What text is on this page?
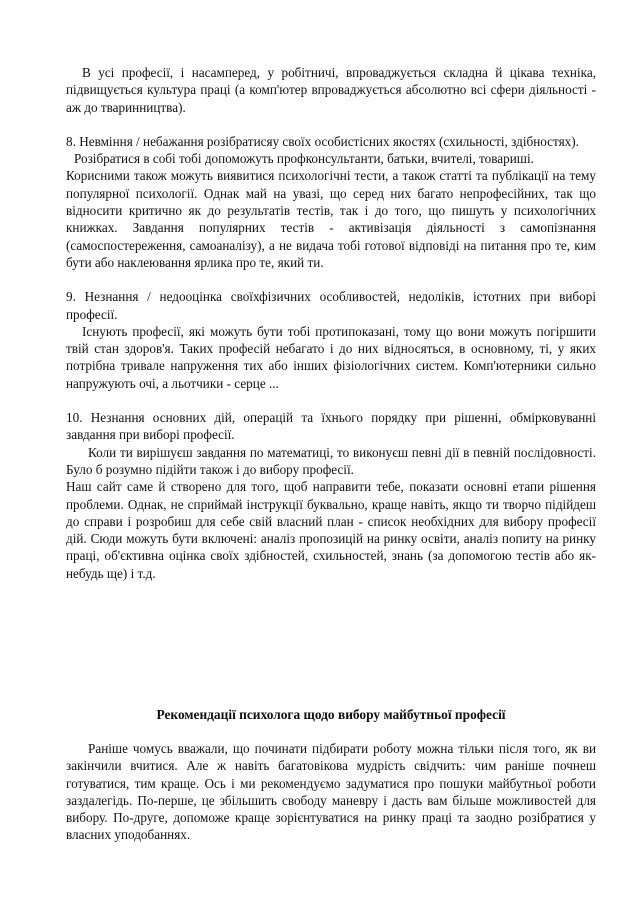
В усі професії, і насамперед, у робітничі, впроваджується складна й цікава техніка, підвищується культура праці (а комп'ютер впроваджується абсолютно всі сфери діяльності - аж до тваринництва).

8. Невміння / небажання розібратисяу своїх особистісних якостях (схильності, здібностях).

Розібратися в собі тобі допоможуть профконсультанти, батьки, вчителі, товариші.

Корисними також можуть виявитися психологічні тести, а також статті та публікації на тему популярної психології. Однак май на увазі, що серед них багато непрофесійних, так що відносити критично як до результатів тестів, так і до того, що пишуть у психологічних книжках. Завдання популярних тестів - активізація діяльності з самопізнання (самоспостереження, самоаналізу), а не видача тобі готової відповіді на питання про те, ким бути або наклеювання ярлика про те, який ти.

9. Незнання / недооцінка своїхфізичних особливостей, недоліків, істотних при виборі професії.

Існують професії, які можуть бути тобі протипоказані, тому що вони можуть погіршити твій стан здоров'я. Таких професій небагато і до них відносяться, в основному, ті, у яких потрібна тривале напруження тих або інших фізіологічних систем. Комп'ютерники сильно напружують очі, а льотчики - серце ...

10. Незнання основних дій, операцій та їхнього порядку при рішенні, обмірковуванні завдання при виборі професії.

Коли ти вирішуєш завдання по математиці, то виконуєш певні дії в певній послідовності. Було б розумно підійти також і до вибору професії.

Наш сайт саме й створено для того, щоб направити тебе, показати основні етапи рішення проблеми. Однак, не сприймай інструкції буквально, краще навіть, якщо ти творчо підійдеш до справи і розробиш для себе свій власний план - список необхідних для вибору професії дій. Сюди можуть бути включені: аналіз пропозицій на ринку освіти, аналіз попиту на ринку праці, об'єктивна оцінка своїх здібностей, схильностей, знань (за допомогою тестів або як-небудь ще) і т.д.

Рекомендації психолога щодо вибору майбутньої професії

Раніше чомусь вважали, що починати підбирати роботу можна тільки після того, як ви закінчили вчитися. Але ж навіть багатовікова мудрість свідчить: чим раніше почнеш готуватися, тим краще. Ось і ми рекомендуємо задуматися про пошуки майбутньої роботи заздалегідь. По-перше, це збільшить свободу маневру і дасть вам більше можливостей для вибору. По-друге, допоможе краще зорієнтуватися на ринку праці та заодно розібратися у власних уподобаннях.
